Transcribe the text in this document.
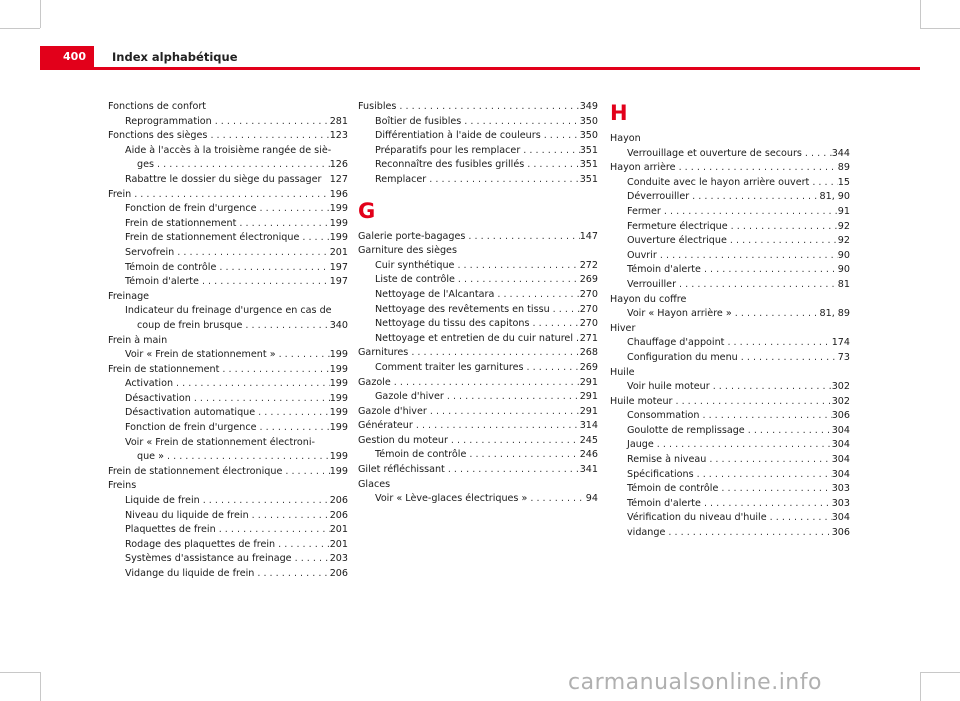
400	Index alphabétique
Fonctions de confort
Reprogrammation . . .	281
Fonctions des sièges . . .	123
Aide à l'accès à la troisième rangée de siè-
ges . . .	126
Rabattre le dossier du siège du passager 127
Frein . . .	196
Fonction de frein d'urgence . . .	199
Frein de stationnement . . .	199
Frein de stationnement électronique . . .	199
Servofrein . . .	201
Témoin de contrôle . . .	197
Témoin d'alerte . . .	197
Freinage
Indicateur du freinage d'urgence en cas de
coup de frein brusque . . .	340
Frein à main
Voir « Frein de stationnement » . . .	199
Frein de stationnement . . .	199
Activation . . .	199
Désactivation . . .	199
Désactivation automatique . . .	199
Fonction de frein d'urgence . . .	199
Voir « Frein de stationnement électroni-
que » . . .	199
Frein de stationnement électronique . . .	199
Freins
Liquide de frein . . .	206
Niveau du liquide de frein . . .	206
Plaquettes de frein . . .	201
Rodage des plaquettes de frein . . .	201
Systèmes d'assistance au freinage . . .	203
Vidange du liquide de frein . . .	206
Fusibles . . .	349
Boîtier de fusibles . . .	350
Différentiation à l'aide de couleurs . . .	350
Préparatifs pour les remplacer . . .	351
Reconnaître des fusibles grillés . . .	351
Remplacer . . .	351
G
Galerie porte-bagages . . .	147
Garniture des sièges
Cuir synthétique . . .	272
Liste de contrôle . . .	269
Nettoyage de l'Alcantara . . .	270
Nettoyage des revêtements en tissu . . .	270
Nettoyage du tissu des capitons . . .	270
Nettoyage et entretien de du cuir naturel . 271
Garnitures . . .	268
Comment traiter les garnitures . . .	269
Gazole . . .	291
Gazole d'hiver . . .	291
Gazole d'hiver . . .	291
Générateur . . .	314
Gestion du moteur . . .	245
Témoin de contrôle . . .	246
Gilet réfléchissant . . .	341
Glaces
Voir « Lève-glaces électriques » . . .	94
H
Hayon
Verrouillage et ouverture de secours . . .	344
Hayon arrière . . .	89
Conduite avec le hayon arrière ouvert . . .	15
Déverrouiller . . .	81, 90
Fermer . . .	91
Fermeture électrique . . .	92
Ouverture électrique . . .	92
Ouvrir . . .	90
Témoin d'alerte . . .	90
Verrouiller . . .	81
Hayon du coffre
Voir « Hayon arrière » . . .	81, 89
Hiver
Chauffage d'appoint . . .	174
Configuration du menu . . .	73
Huile
Voir huile moteur . . .	302
Huile moteur . . .	302
Consommation . . .	306
Goulotte de remplissage . . .	304
Jauge . . .	304
Remise à niveau . . .	304
Spécifications . . .	304
Témoin de contrôle . . .	303
Témoin d'alerte . . .	303
Vérification du niveau d'huile . . .	304
vidange . . .	306
carmanualsonline.info
